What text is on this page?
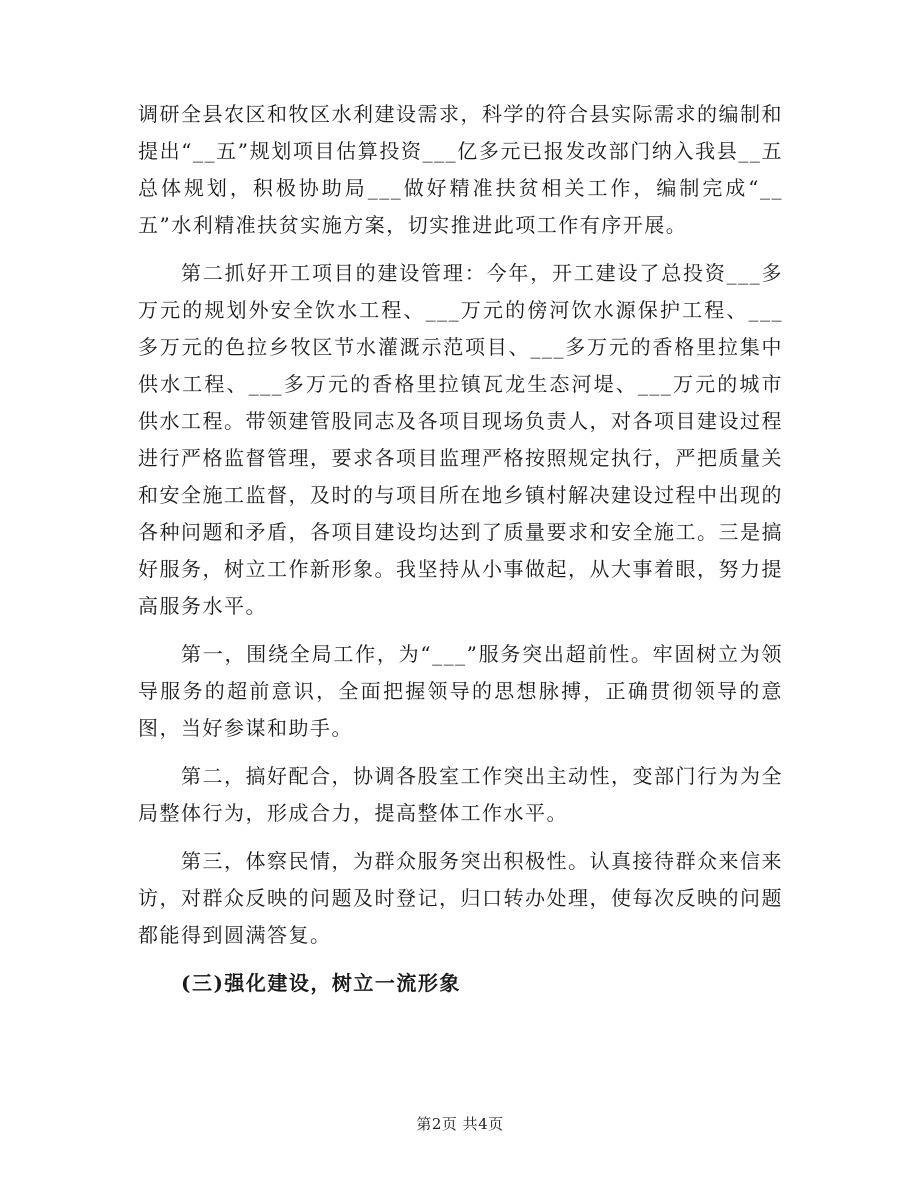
调研全县农区和牧区水利建设需求，科学的符合县实际需求的编制和提出“__五”规划项目估算投资___亿多元已报发改部门纳入我县__五总体规划，积极协助局___做好精准扶贫相关工作，编制完成“__五”水利精准扶贫实施方案，切实推进此项工作有序开展。

第二抓好开工项目的建设管理：今年，开工建设了总投资___多万元的规划外安全饮水工程、___万元的傍河饮水源保护工程、___多万元的色拉乡牧区节水灌溉示范项目、___多万元的香格里拉集中供水工程、___多万元的香格里拉镇瓦龙生态河堤、___万元的城市供水工程。带领建管股同志及各项目现场负责人，对各项目建设过程进行严格监督管理，要求各项目监理严格按照规定执行，严把质量关和安全施工监督，及时的与项目所在地乡镇村解决建设过程中出现的各种问题和矛盾，各项目建设均达到了质量要求和安全施工。三是搞好服务，树立工作新形象。我坚持从小事做起，从大事着眼，努力提高服务水平。

第一，围绕全局工作，为“___”服务突出超前性。牢固树立为领导服务的超前意识，全面把握领导的思想脉搏，正确贯彻领导的意图，当好参谋和助手。

第二，搞好配合，协调各股室工作突出主动性，变部门行为为全局整体行为，形成合力，提高整体工作水平。

第三，体察民情，为群众服务突出积极性。认真接待群众来信来访，对群众反映的问题及时登记，归口转办处理，使每次反映的问题都能得到圆满答复。

(三)强化建设，树立一流形象

第2页 共4页
